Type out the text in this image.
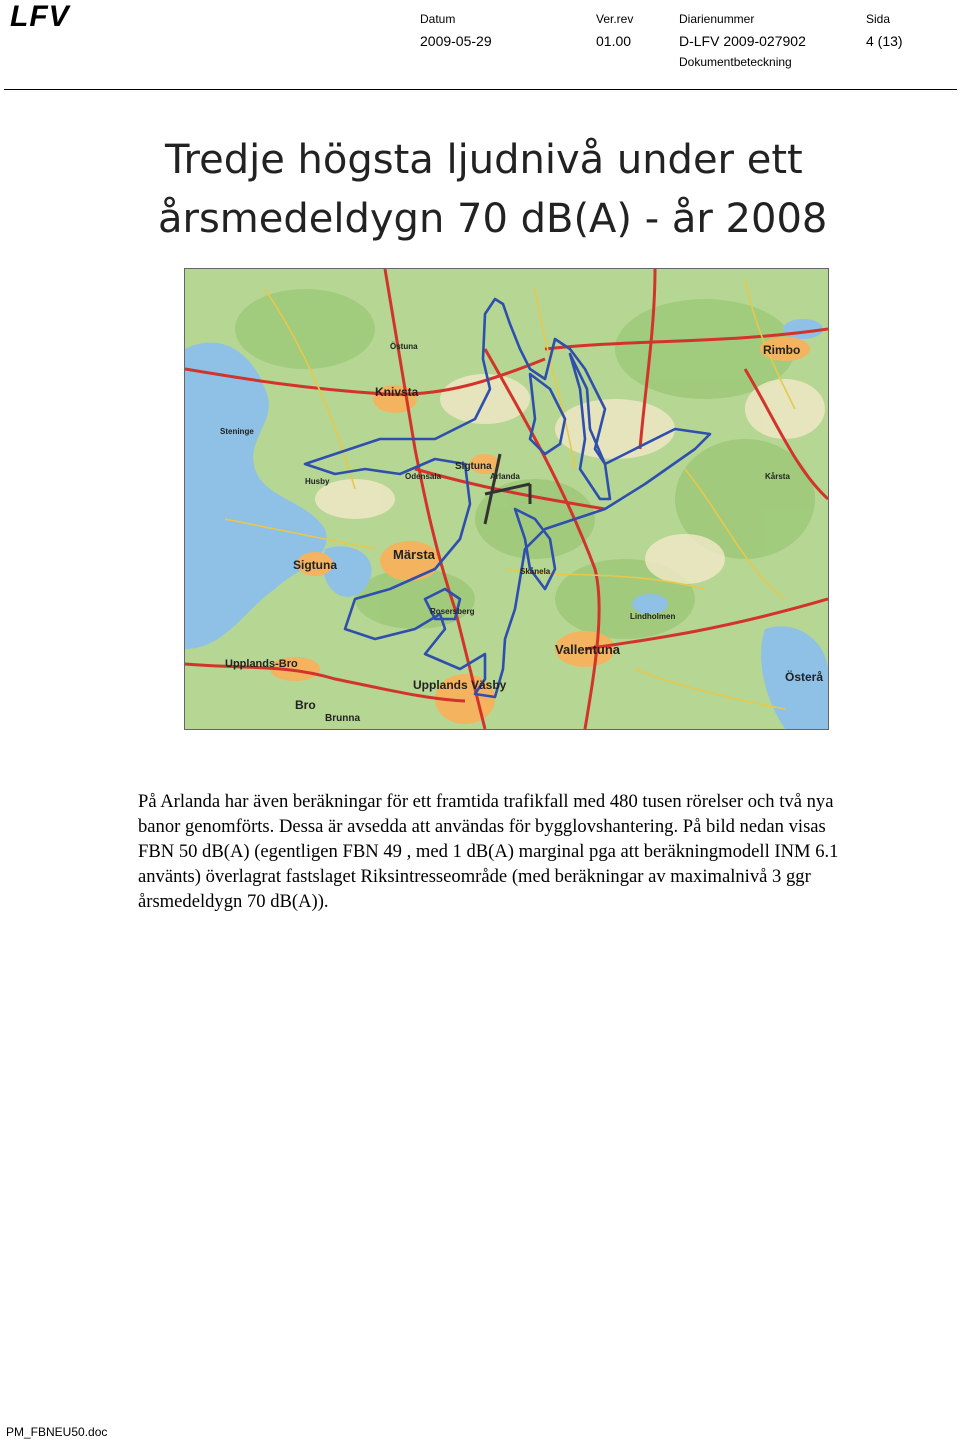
LFV	Datum
2009-05-29
Ver.rev
01.00
Diarienummer
D-LFV 2009-027902
Sida
4 (13)
Dokumentbeteckning
Tredje högsta ljudnivå under ett
årsmedeldygn 70 dB(A) - år 2008
Knivsta
Sigtuna
Märsta
Sigtuna
Upplands-Bro
Bro
Brunna
Upplands Väsby
Vallentuna
Rimbo
Österå
Arlanda
Rosersberg
Odensala
Östuna
Lindholmen
Kårsta
Husby
Skånela
Steninge
På Arlanda har även beräkningar för ett framtida trafikfall med 480 tusen rörelser och två nya banor genomförts. Dessa är avsedda att användas för bygglovshantering. På bild nedan visas FBN 50 dB(A) (egentligen FBN 49 , med 1 dB(A) marginal pga att beräkningmodell INM 6.1 använts) överlagrat fastslaget Riksintresseområde (med beräkningar av maximalnivå 3 ggr årsmedeldygn 70 dB(A)).
PM_FBNEU50.doc
